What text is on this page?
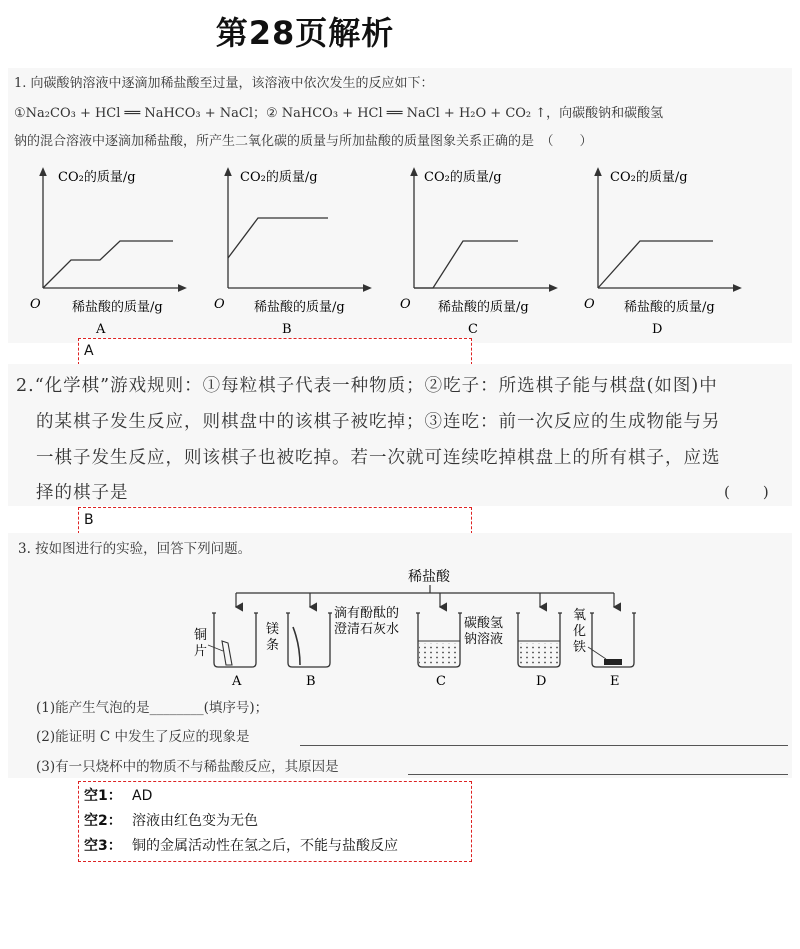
第28页解析
1. 向碳酸钠溶液中逐滴加稀盐酸至过量，该溶液中依次发生的反应如下：
①Na₂CO₃ + HCl ══ NaHCO₃ + NaCl；② NaHCO₃ + HCl ══ NaCl + H₂O + CO₂ ↑，向碳酸钠和碳酸氢
钠的混合溶液中逐滴加稀盐酸，所产生二氧化碳的质量与所加盐酸的质量图象关系正确的是　（　　）
CO₂的质量/g
稀盐酸的质量/g
O
A
CO₂的质量/g
稀盐酸的质量/g
O
B
CO₂的质量/g
稀盐酸的质量/g
O
C
CO₂的质量/g
稀盐酸的质量/g
O
D
A
2.“化学棋”游戏规则：①每粒棋子代表一种物质；②吃子：所选棋子能与棋盘(如图)中
的某棋子发生反应，则棋盘中的该棋子被吃掉；③连吃：前一次反应的生成物能与另
一棋子发生反应，则该棋子也被吃掉。若一次就可连续吃掉棋盘上的所有棋子，应选
择的棋子是	(　　)
B
3. 按如图进行的实验，回答下列问题。
稀盐酸
铜
片
A
镁
条
B
滴有酚酞的
澄清石灰水
C
碳酸氢
钠溶液
D
氧
化
铁
E
(1)能产生气泡的是________(填序号)；
(2)能证明 C 中发生了反应的现象是
(3)有一只烧杯中的物质不与稀盐酸反应，其原因是
空1： AD
空2： 溶液由红色变为无色
空3： 铜的金属活动性在氢之后，不能与盐酸反应
